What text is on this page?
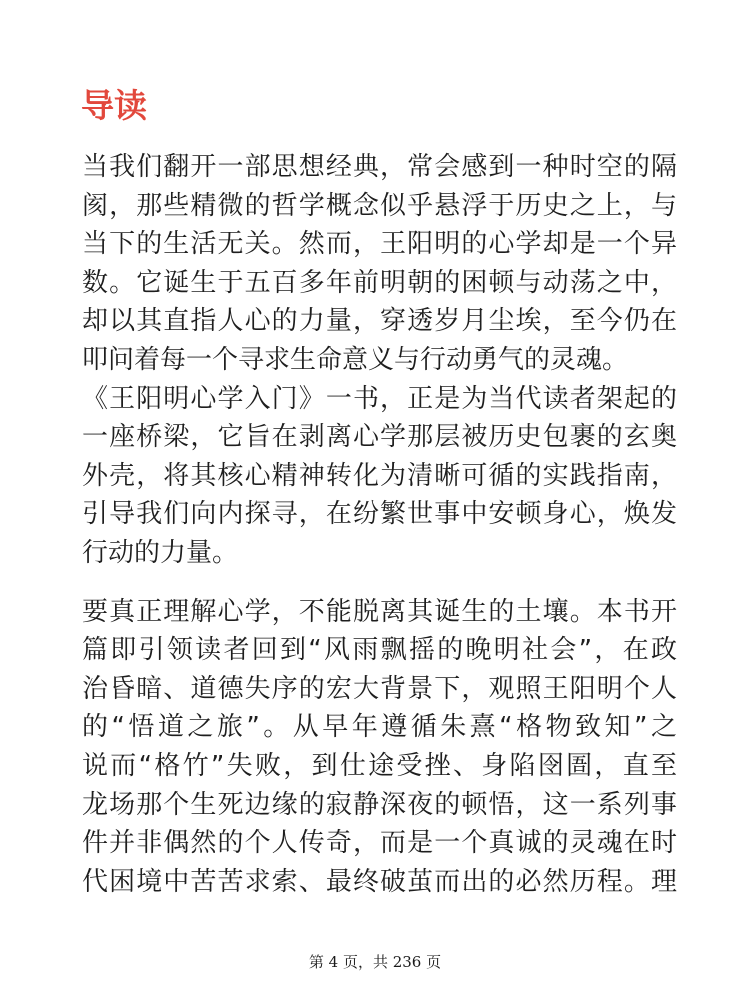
导读

当我们翻开一部思想经典，常会感到一种时空的隔
阂，那些精微的哲学概念似乎悬浮于历史之上，与
当下的生活无关。然而，王阳明的心学却是一个异
数。它诞生于五百多年前明朝的困顿与动荡之中，
却以其直指人心的力量，穿透岁月尘埃，至今仍在
叩问着每一个寻求生命意义与行动勇气的灵魂。
《王阳明心学入门》一书，正是为当代读者架起的
一座桥梁，它旨在剥离心学那层被历史包裹的玄奥
外壳，将其核心精神转化为清晰可循的实践指南，
引导我们向内探寻，在纷繁世事中安顿身心，焕发
行动的力量。

要真正理解心学，不能脱离其诞生的土壤。本书开
篇即引领读者回到“风雨飘摇的晚明社会”，在政
治昏暗、道德失序的宏大背景下，观照王阳明个人
的“悟道之旅”。从早年遵循朱熹“格物致知”之
说而“格竹”失败，到仕途受挫、身陷囹圄，直至
龙场那个生死边缘的寂静深夜的顿悟，这一系列事
件并非偶然的个人传奇，而是一个真诚的灵魂在时
代困境中苦苦求索、最终破茧而出的必然历程。理

第 4 页，共 236 页
